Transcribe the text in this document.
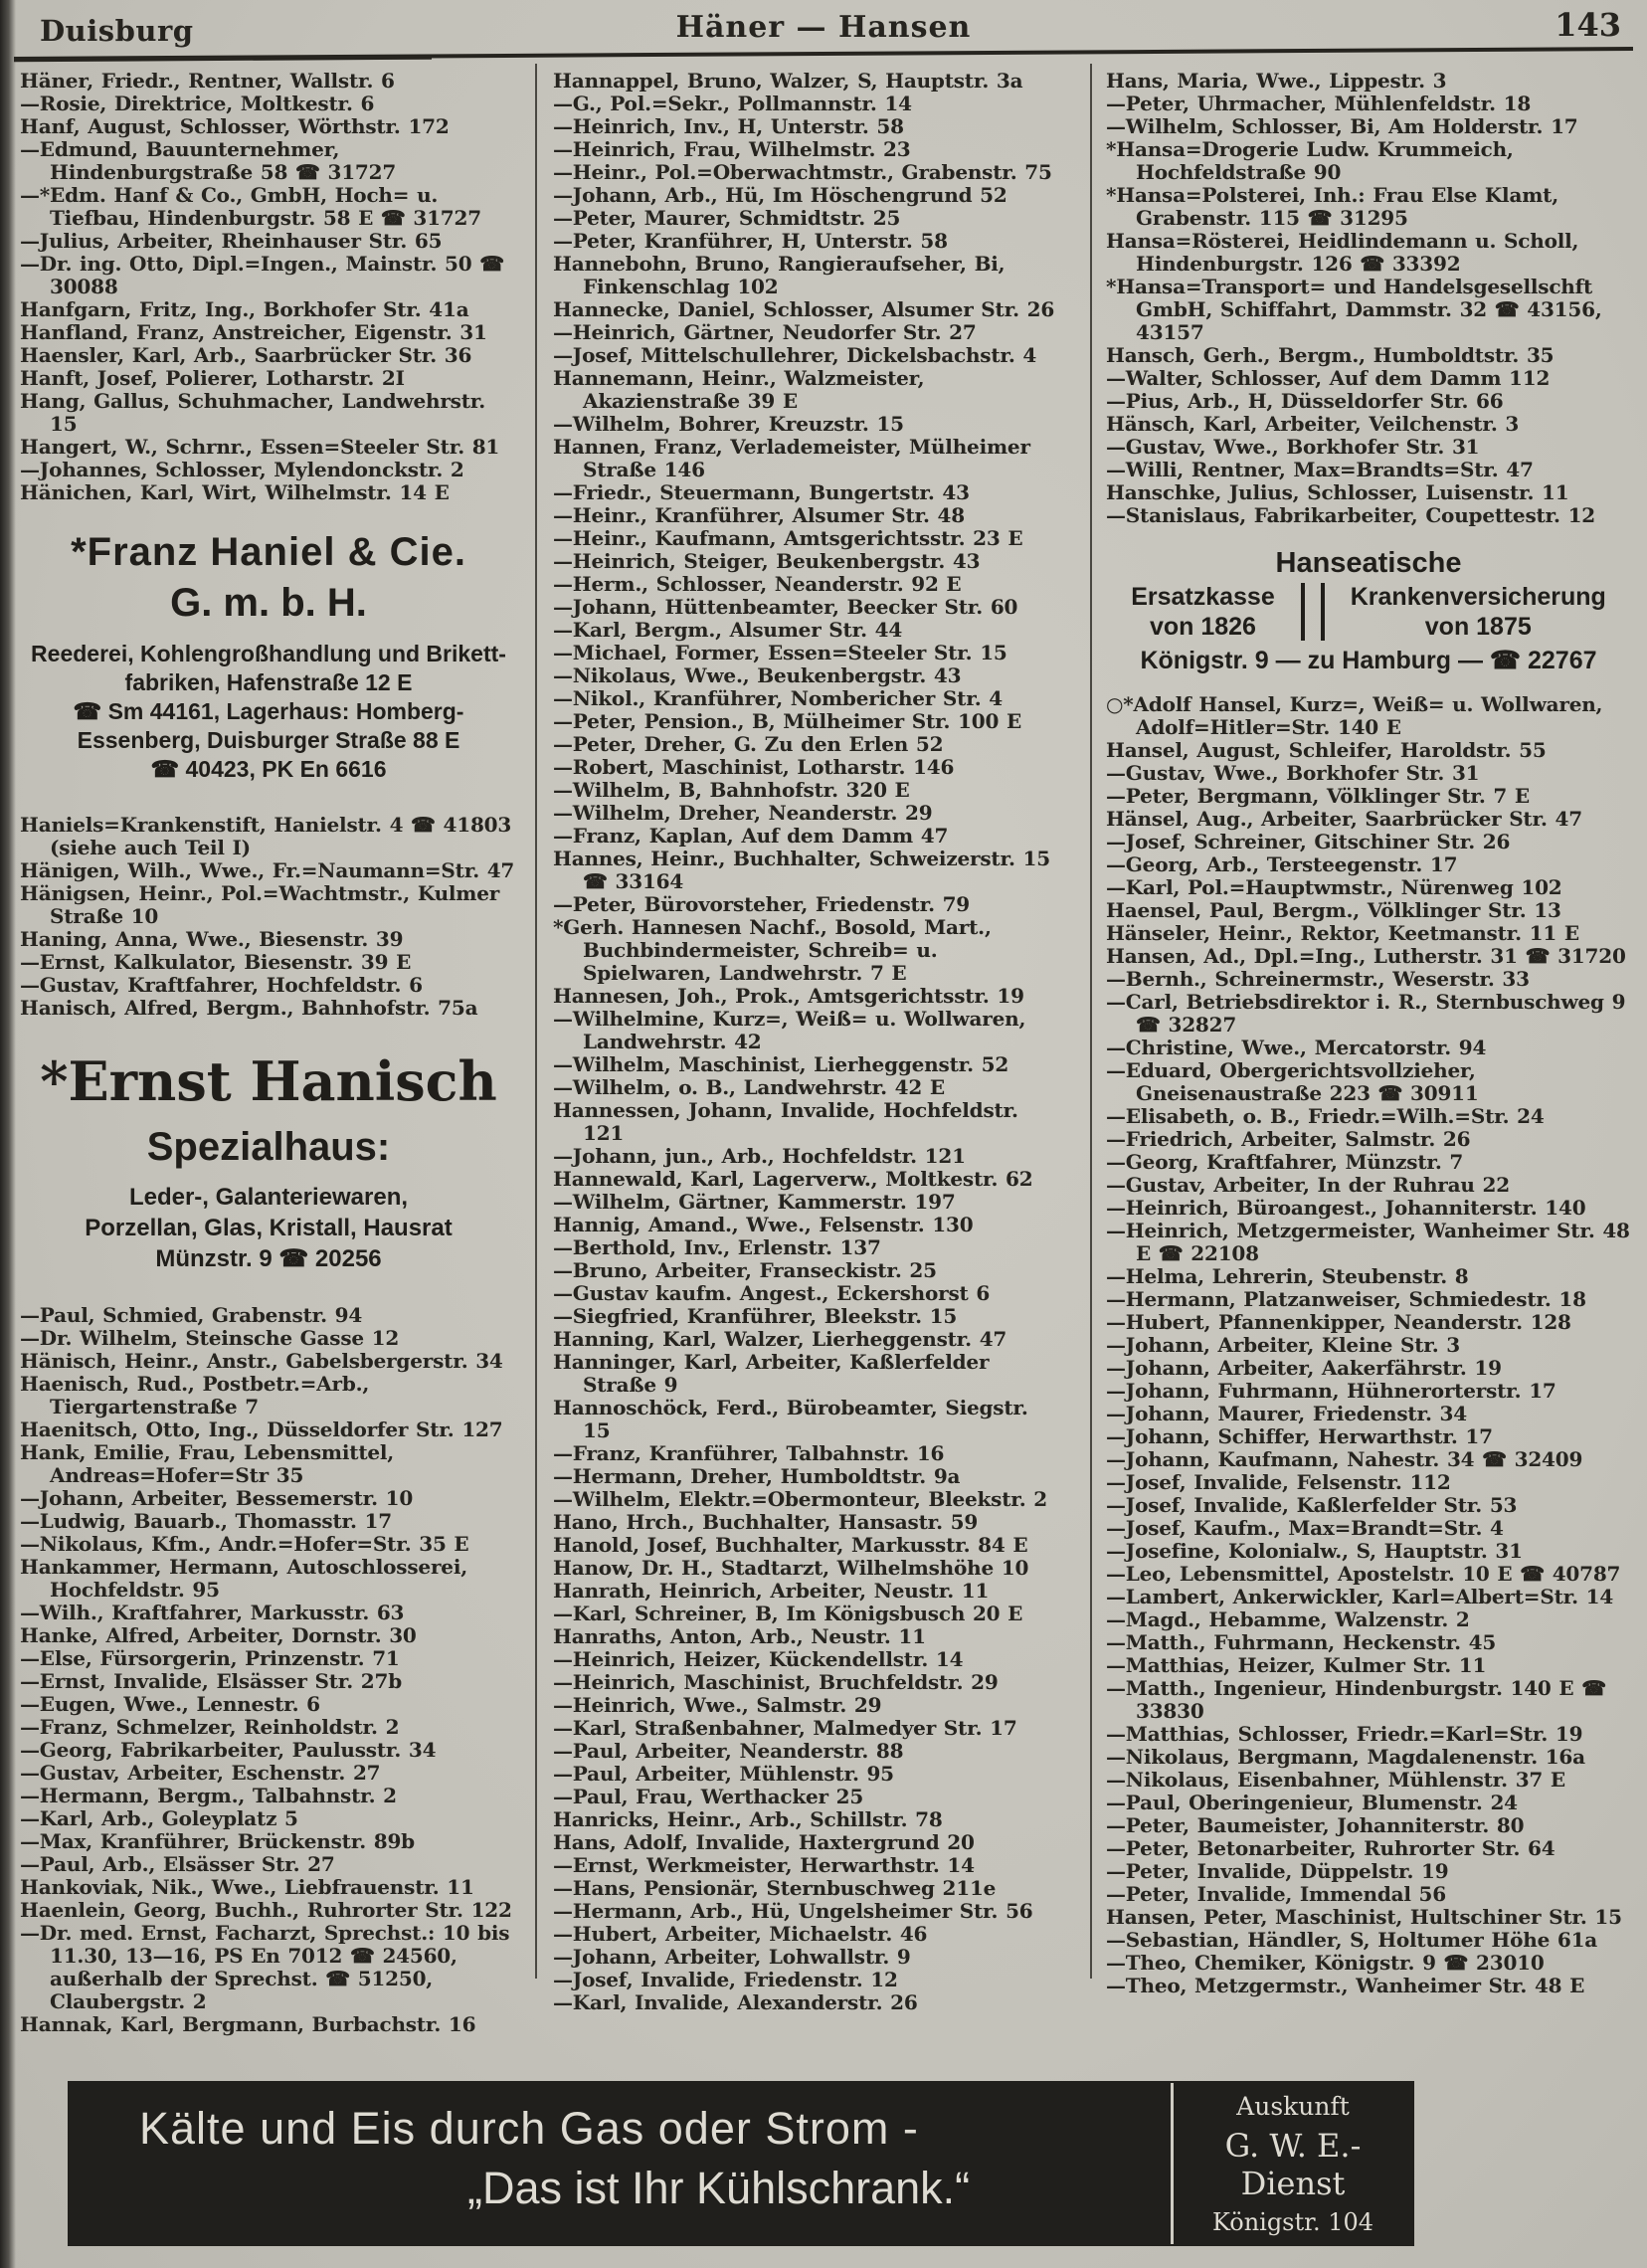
Duisburg	Häner — Hansen	143
Häner, Friedr., Rentner, Wallstr. 6
—Rosie, Direktrice, Moltkestr. 6
Hanf, August, Schlosser, Wörthstr. 172
—Edmund, Bauunternehmer, Hindenburgstraße 58 ☎ 31727
—*Edm. Hanf & Co., GmbH, Hoch= u. Tiefbau, Hindenburgstr. 58 E ☎ 31727
—Julius, Arbeiter, Rheinhauser Str. 65
—Dr. ing. Otto, Dipl.=Ingen., Mainstr. 50 ☎ 30088
Hanfgarn, Fritz, Ing., Borkhofer Str. 41a
Hanfland, Franz, Anstreicher, Eigenstr. 31
Haensler, Karl, Arb., Saarbrücker Str. 36
Hanft, Josef, Polierer, Lotharstr. 2I
Hang, Gallus, Schuhmacher, Landwehrstr. 15
Hangert, W., Schrnr., Essen=Steeler Str. 81
—Johannes, Schlosser, Mylendonckstr. 2
Hänichen, Karl, Wirt, Wilhelmstr. 14 E
*Franz Haniel & Cie.
G. m. b. H.
Reederei, Kohlengroßhandlung und Brikett-
fabriken, Hafenstraße 12 E
☎ Sm 44161, Lagerhaus: Homberg-
Essenberg, Duisburger Straße 88 E
☎ 40423, PK En 6616
Haniels=Krankenstift, Hanielstr. 4 ☎ 41803 (siehe auch Teil I)
Hänigen, Wilh., Wwe., Fr.=Naumann=Str. 47
Hänigsen, Heinr., Pol.=Wachtmstr., Kulmer Straße 10
Haning, Anna, Wwe., Biesenstr. 39
—Ernst, Kalkulator, Biesenstr. 39 E
—Gustav, Kraftfahrer, Hochfeldstr. 6
Hanisch, Alfred, Bergm., Bahnhofstr. 75a
*Ernst Hanisch
Spezialhaus:
Leder-, Galanteriewaren,
Porzellan, Glas, Kristall, Hausrat
Münzstr. 9 ☎ 20256
—Paul, Schmied, Grabenstr. 94
—Dr. Wilhelm, Steinsche Gasse 12
Hänisch, Heinr., Anstr., Gabelsbergerstr. 34
Haenisch, Rud., Postbetr.=Arb., Tiergartenstraße 7
Haenitsch, Otto, Ing., Düsseldorfer Str. 127
Hank, Emilie, Frau, Lebensmittel, Andreas=Hofer=Str 35
—Johann, Arbeiter, Bessemerstr. 10
—Ludwig, Bauarb., Thomasstr. 17
—Nikolaus, Kfm., Andr.=Hofer=Str. 35 E
Hankammer, Hermann, Autoschlosserei, Hochfeldstr. 95
—Wilh., Kraftfahrer, Markusstr. 63
Hanke, Alfred, Arbeiter, Dornstr. 30
—Else, Fürsorgerin, Prinzenstr. 71
—Ernst, Invalide, Elsässer Str. 27b
—Eugen, Wwe., Lennestr. 6
—Franz, Schmelzer, Reinholdstr. 2
—Georg, Fabrikarbeiter, Paulusstr. 34
—Gustav, Arbeiter, Eschenstr. 27
—Hermann, Bergm., Talbahnstr. 2
—Karl, Arb., Goleyplatz 5
—Max, Kranführer, Brückenstr. 89b
—Paul, Arb., Elsässer Str. 27
Hankoviak, Nik., Wwe., Liebfrauenstr. 11
Haenlein, Georg, Buchh., Ruhrorter Str. 122
—Dr. med. Ernst, Facharzt, Sprechst.: 10 bis 11.30, 13—16, PS En 7012 ☎ 24560, außerhalb der Sprechst. ☎ 51250, Claubergstr. 2
Hannak, Karl, Bergmann, Burbachstr. 16
Hannappel, Bruno, Walzer, S, Hauptstr. 3a
—G., Pol.=Sekr., Pollmannstr. 14
—Heinrich, Inv., H, Unterstr. 58
—Heinrich, Frau, Wilhelmstr. 23
—Heinr., Pol.=Oberwachtmstr., Grabenstr. 75
—Johann, Arb., Hü, Im Höschengrund 52
—Peter, Maurer, Schmidtstr. 25
—Peter, Kranführer, H, Unterstr. 58
Hannebohn, Bruno, Rangieraufseher, Bi, Finkenschlag 102
Hannecke, Daniel, Schlosser, Alsumer Str. 26
—Heinrich, Gärtner, Neudorfer Str. 27
—Josef, Mittelschullehrer, Dickelsbachstr. 4
Hannemann, Heinr., Walzmeister, Akazienstraße 39 E
—Wilhelm, Bohrer, Kreuzstr. 15
Hannen, Franz, Verlademeister, Mülheimer Straße 146
—Friedr., Steuermann, Bungertstr. 43
—Heinr., Kranführer, Alsumer Str. 48
—Heinr., Kaufmann, Amtsgerichtsstr. 23 E
—Heinrich, Steiger, Beukenbergstr. 43
—Herm., Schlosser, Neanderstr. 92 E
—Johann, Hüttenbeamter, Beecker Str. 60
—Karl, Bergm., Alsumer Str. 44
—Michael, Former, Essen=Steeler Str. 15
—Nikolaus, Wwe., Beukenbergstr. 43
—Nikol., Kranführer, Nombericher Str. 4
—Peter, Pension., B, Mülheimer Str. 100 E
—Peter, Dreher, G. Zu den Erlen 52
—Robert, Maschinist, Lotharstr. 146
—Wilhelm, B, Bahnhofstr. 320 E
—Wilhelm, Dreher, Neanderstr. 29
—Franz, Kaplan, Auf dem Damm 47
Hannes, Heinr., Buchhalter, Schweizerstr. 15 ☎ 33164
—Peter, Bürovorsteher, Friedenstr. 79
*Gerh. Hannesen Nachf., Bosold, Mart., Buchbindermeister, Schreib= u. Spielwaren, Landwehrstr. 7 E
Hannesen, Joh., Prok., Amtsgerichtsstr. 19
—Wilhelmine, Kurz=, Weiß= u. Wollwaren, Landwehrstr. 42
—Wilhelm, Maschinist, Lierheggenstr. 52
—Wilhelm, o. B., Landwehrstr. 42 E
Hannessen, Johann, Invalide, Hochfeldstr. 121
—Johann, jun., Arb., Hochfeldstr. 121
Hannewald, Karl, Lagerverw., Moltkestr. 62
—Wilhelm, Gärtner, Kammerstr. 197
Hannig, Amand., Wwe., Felsenstr. 130
—Berthold, Inv., Erlenstr. 137
—Bruno, Arbeiter, Franseckistr. 25
—Gustav kaufm. Angest., Eckershorst 6
—Siegfried, Kranführer, Bleekstr. 15
Hanning, Karl, Walzer, Lierheggenstr. 47
Hanninger, Karl, Arbeiter, Kaßlerfelder Straße 9
Hannoschöck, Ferd., Bürobeamter, Siegstr. 15
—Franz, Kranführer, Talbahnstr. 16
—Hermann, Dreher, Humboldtstr. 9a
—Wilhelm, Elektr.=Obermonteur, Bleekstr. 2
Hano, Hrch., Buchhalter, Hansastr. 59
Hanold, Josef, Buchhalter, Markusstr. 84 E
Hanow, Dr. H., Stadtarzt, Wilhelmshöhe 10
Hanrath, Heinrich, Arbeiter, Neustr. 11
—Karl, Schreiner, B, Im Königsbusch 20 E
Hanraths, Anton, Arb., Neustr. 11
—Heinrich, Heizer, Kückendellstr. 14
—Heinrich, Maschinist, Bruchfeldstr. 29
—Heinrich, Wwe., Salmstr. 29
—Karl, Straßenbahner, Malmedyer Str. 17
—Paul, Arbeiter, Neanderstr. 88
—Paul, Arbeiter, Mühlenstr. 95
—Paul, Frau, Werthacker 25
Hanricks, Heinr., Arb., Schillstr. 78
Hans, Adolf, Invalide, Haxtergrund 20
—Ernst, Werkmeister, Herwarthstr. 14
—Hans, Pensionär, Sternbuschweg 211e
—Hermann, Arb., Hü, Ungelsheimer Str. 56
—Hubert, Arbeiter, Michaelstr. 46
—Johann, Arbeiter, Lohwallstr. 9
—Josef, Invalide, Friedenstr. 12
—Karl, Invalide, Alexanderstr. 26
Hans, Maria, Wwe., Lippestr. 3
—Peter, Uhrmacher, Mühlenfeldstr. 18
—Wilhelm, Schlosser, Bi, Am Holderstr. 17
*Hansa=Drogerie Ludw. Krummeich, Hochfeldstraße 90
*Hansa=Polsterei, Inh.: Frau Else Klamt, Grabenstr. 115 ☎ 31295
Hansa=Rösterei, Heidlindemann u. Scholl, Hindenburgstr. 126 ☎ 33392
*Hansa=Transport= und Handelsgesellschft GmbH, Schiffahrt, Dammstr. 32 ☎ 43156, 43157
Hansch, Gerh., Bergm., Humboldtstr. 35
—Walter, Schlosser, Auf dem Damm 112
—Pius, Arb., H, Düsseldorfer Str. 66
Hänsch, Karl, Arbeiter, Veilchenstr. 3
—Gustav, Wwe., Borkhofer Str. 31
—Willi, Rentner, Max=Brandts=Str. 47
Hanschke, Julius, Schlosser, Luisenstr. 11
—Stanislaus, Fabrikarbeiter, Coupettestr. 12
Hanseatische
Ersatzkasse
von 1826
Krankenversicherung
von 1875
Königstr. 9 — zu Hamburg — ☎ 22767
○*Adolf Hansel, Kurz=, Weiß= u. Wollwaren, Adolf=Hitler=Str. 140 E
Hansel, August, Schleifer, Haroldstr. 55
—Gustav, Wwe., Borkhofer Str. 31
—Peter, Bergmann, Völklinger Str. 7 E
Hänsel, Aug., Arbeiter, Saarbrücker Str. 47
—Josef, Schreiner, Gitschiner Str. 26
—Georg, Arb., Tersteegenstr. 17
—Karl, Pol.=Hauptwmstr., Nürenweg 102
Haensel, Paul, Bergm., Völklinger Str. 13
Hänseler, Heinr., Rektor, Keetmanstr. 11 E
Hansen, Ad., Dpl.=Ing., Lutherstr. 31 ☎ 31720
—Bernh., Schreinermstr., Weserstr. 33
—Carl, Betriebsdirektor i. R., Sternbuschweg 9 ☎ 32827
—Christine, Wwe., Mercatorstr. 94
—Eduard, Obergerichtsvollzieher, Gneisenaustraße 223 ☎ 30911
—Elisabeth, o. B., Friedr.=Wilh.=Str. 24
—Friedrich, Arbeiter, Salmstr. 26
—Georg, Kraftfahrer, Münzstr. 7
—Gustav, Arbeiter, In der Ruhrau 22
—Heinrich, Büroangest., Johanniterstr. 140
—Heinrich, Metzgermeister, Wanheimer Str. 48 E ☎ 22108
—Helma, Lehrerin, Steubenstr. 8
—Hermann, Platzanweiser, Schmiedestr. 18
—Hubert, Pfannenkipper, Neanderstr. 128
—Johann, Arbeiter, Kleine Str. 3
—Johann, Arbeiter, Aakerfährstr. 19
—Johann, Fuhrmann, Hühnerorterstr. 17
—Johann, Maurer, Friedenstr. 34
—Johann, Schiffer, Herwarthstr. 17
—Johann, Kaufmann, Nahestr. 34 ☎ 32409
—Josef, Invalide, Felsenstr. 112
—Josef, Invalide, Kaßlerfelder Str. 53
—Josef, Kaufm., Max=Brandt=Str. 4
—Josefine, Kolonialw., S, Hauptstr. 31
—Leo, Lebensmittel, Apostelstr. 10 E ☎ 40787
—Lambert, Ankerwickler, Karl=Albert=Str. 14
—Magd., Hebamme, Walzenstr. 2
—Matth., Fuhrmann, Heckenstr. 45
—Matthias, Heizer, Kulmer Str. 11
—Matth., Ingenieur, Hindenburgstr. 140 E ☎ 33830
—Matthias, Schlosser, Friedr.=Karl=Str. 19
—Nikolaus, Bergmann, Magdalenenstr. 16a
—Nikolaus, Eisenbahner, Mühlenstr. 37 E
—Paul, Oberingenieur, Blumenstr. 24
—Peter, Baumeister, Johanniterstr. 80
—Peter, Betonarbeiter, Ruhrorter Str. 64
—Peter, Invalide, Düppelstr. 19
—Peter, Invalide, Immendal 56
Hansen, Peter, Maschinist, Hultschiner Str. 15
—Sebastian, Händler, S, Holtumer Höhe 61a
—Theo, Chemiker, Königstr. 9 ☎ 23010
—Theo, Metzgermstr., Wanheimer Str. 48 E
Kälte und Eis durch Gas oder Strom -
„Das ist Ihr Kühlschrank.“
Auskunft
G. W. E.-Dienst
Königstr. 104
